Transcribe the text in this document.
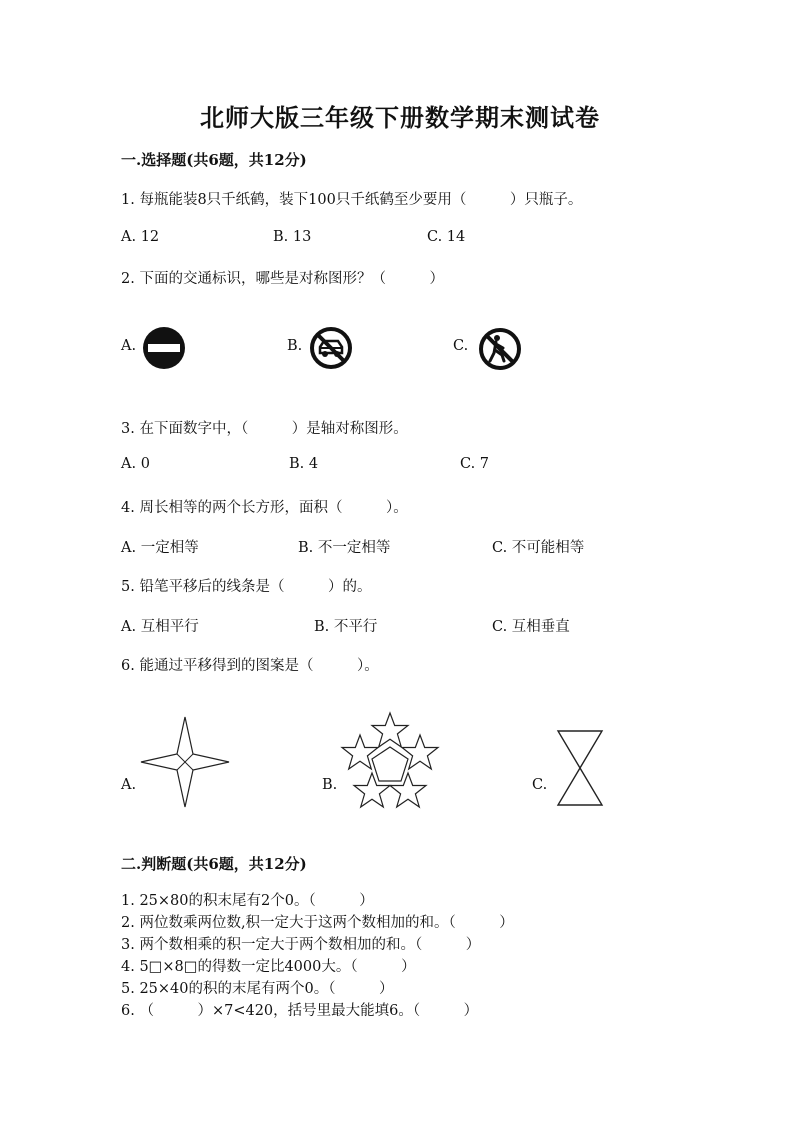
北师大版三年级下册数学期末测试卷
一.选择题(共6题，共12分)
1. 每瓶能装8只千纸鹤，装下100只千纸鹤至少要用（　　　）只瓶子。
A. 12	B. 13	C. 14
2. 下面的交通标识，哪些是对称图形？（　　　）
A.	B.	C.
3. 在下面数字中，（　　　）是轴对称图形。
A. 0	B. 4	C. 7
4. 周长相等的两个长方形，面积（　　　）。
A. 一定相等	B. 不一定相等	C. 不可能相等
5. 铅笔平移后的线条是（　　　）的。
A. 互相平行	B. 不平行	C. 互相垂直
6. 能通过平移得到的图案是（　　　）。
A.	B.	C.
二.判断题(共6题，共12分)
1. 25×80的积末尾有2个0。（　　　）
2. 两位数乘两位数,积一定大于这两个数相加的和。（　　　）
3. 两个数相乘的积一定大于两个数相加的和。（　　　）
4. 5□×8□的得数一定比4000大。（　　　）
5. 25×40的积的末尾有两个0。（　　　）
6. （　　　）×7<420，括号里最大能填6。（　　　）
